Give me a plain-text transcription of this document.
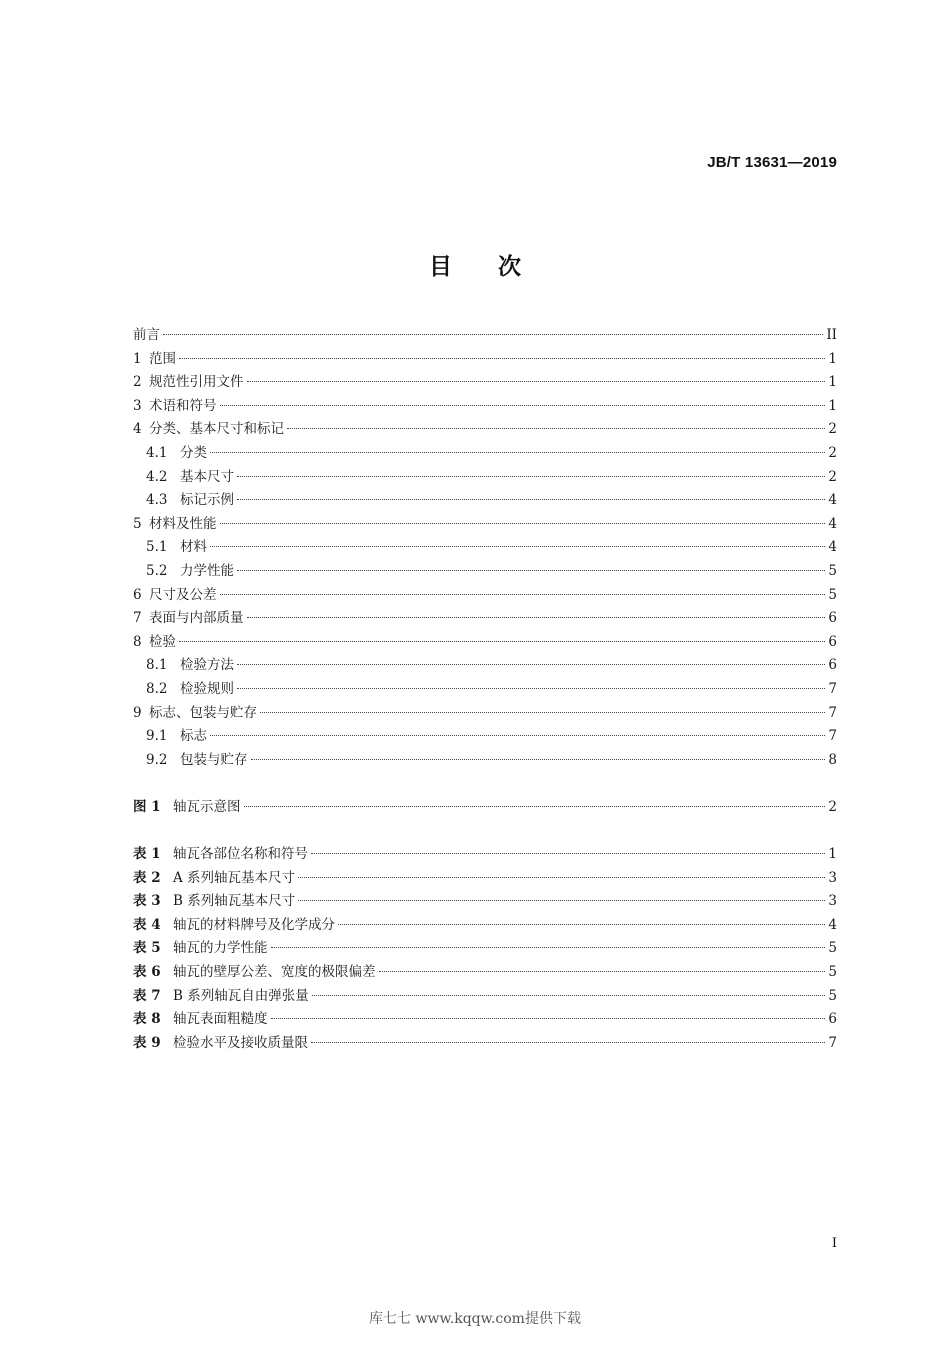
JB/T 13631—2019
目次
前言	II
1 范围	1
2 规范性引用文件	1
3 术语和符号	1
4 分类、基本尺寸和标记	2
4.1 分类	2
4.2 基本尺寸	2
4.3 标记示例	4
5 材料及性能	4
5.1 材料	4
5.2 力学性能	5
6 尺寸及公差	5
7 表面与内部质量	6
8 检验	6
8.1 检验方法	6
8.2 检验规则	7
9 标志、包装与贮存	7
9.1 标志	7
9.2 包装与贮存	8
图 1 轴瓦示意图	2
表 1 轴瓦各部位名称和符号	1
表 2 A 系列轴瓦基本尺寸	3
表 3 B 系列轴瓦基本尺寸	3
表 4 轴瓦的材料牌号及化学成分	4
表 5 轴瓦的力学性能	5
表 6 轴瓦的壁厚公差、宽度的极限偏差	5
表 7 B 系列轴瓦自由弹张量	5
表 8 轴瓦表面粗糙度	6
表 9 检验水平及接收质量限	7
I
库七七 www.kqqw.com提供下载
